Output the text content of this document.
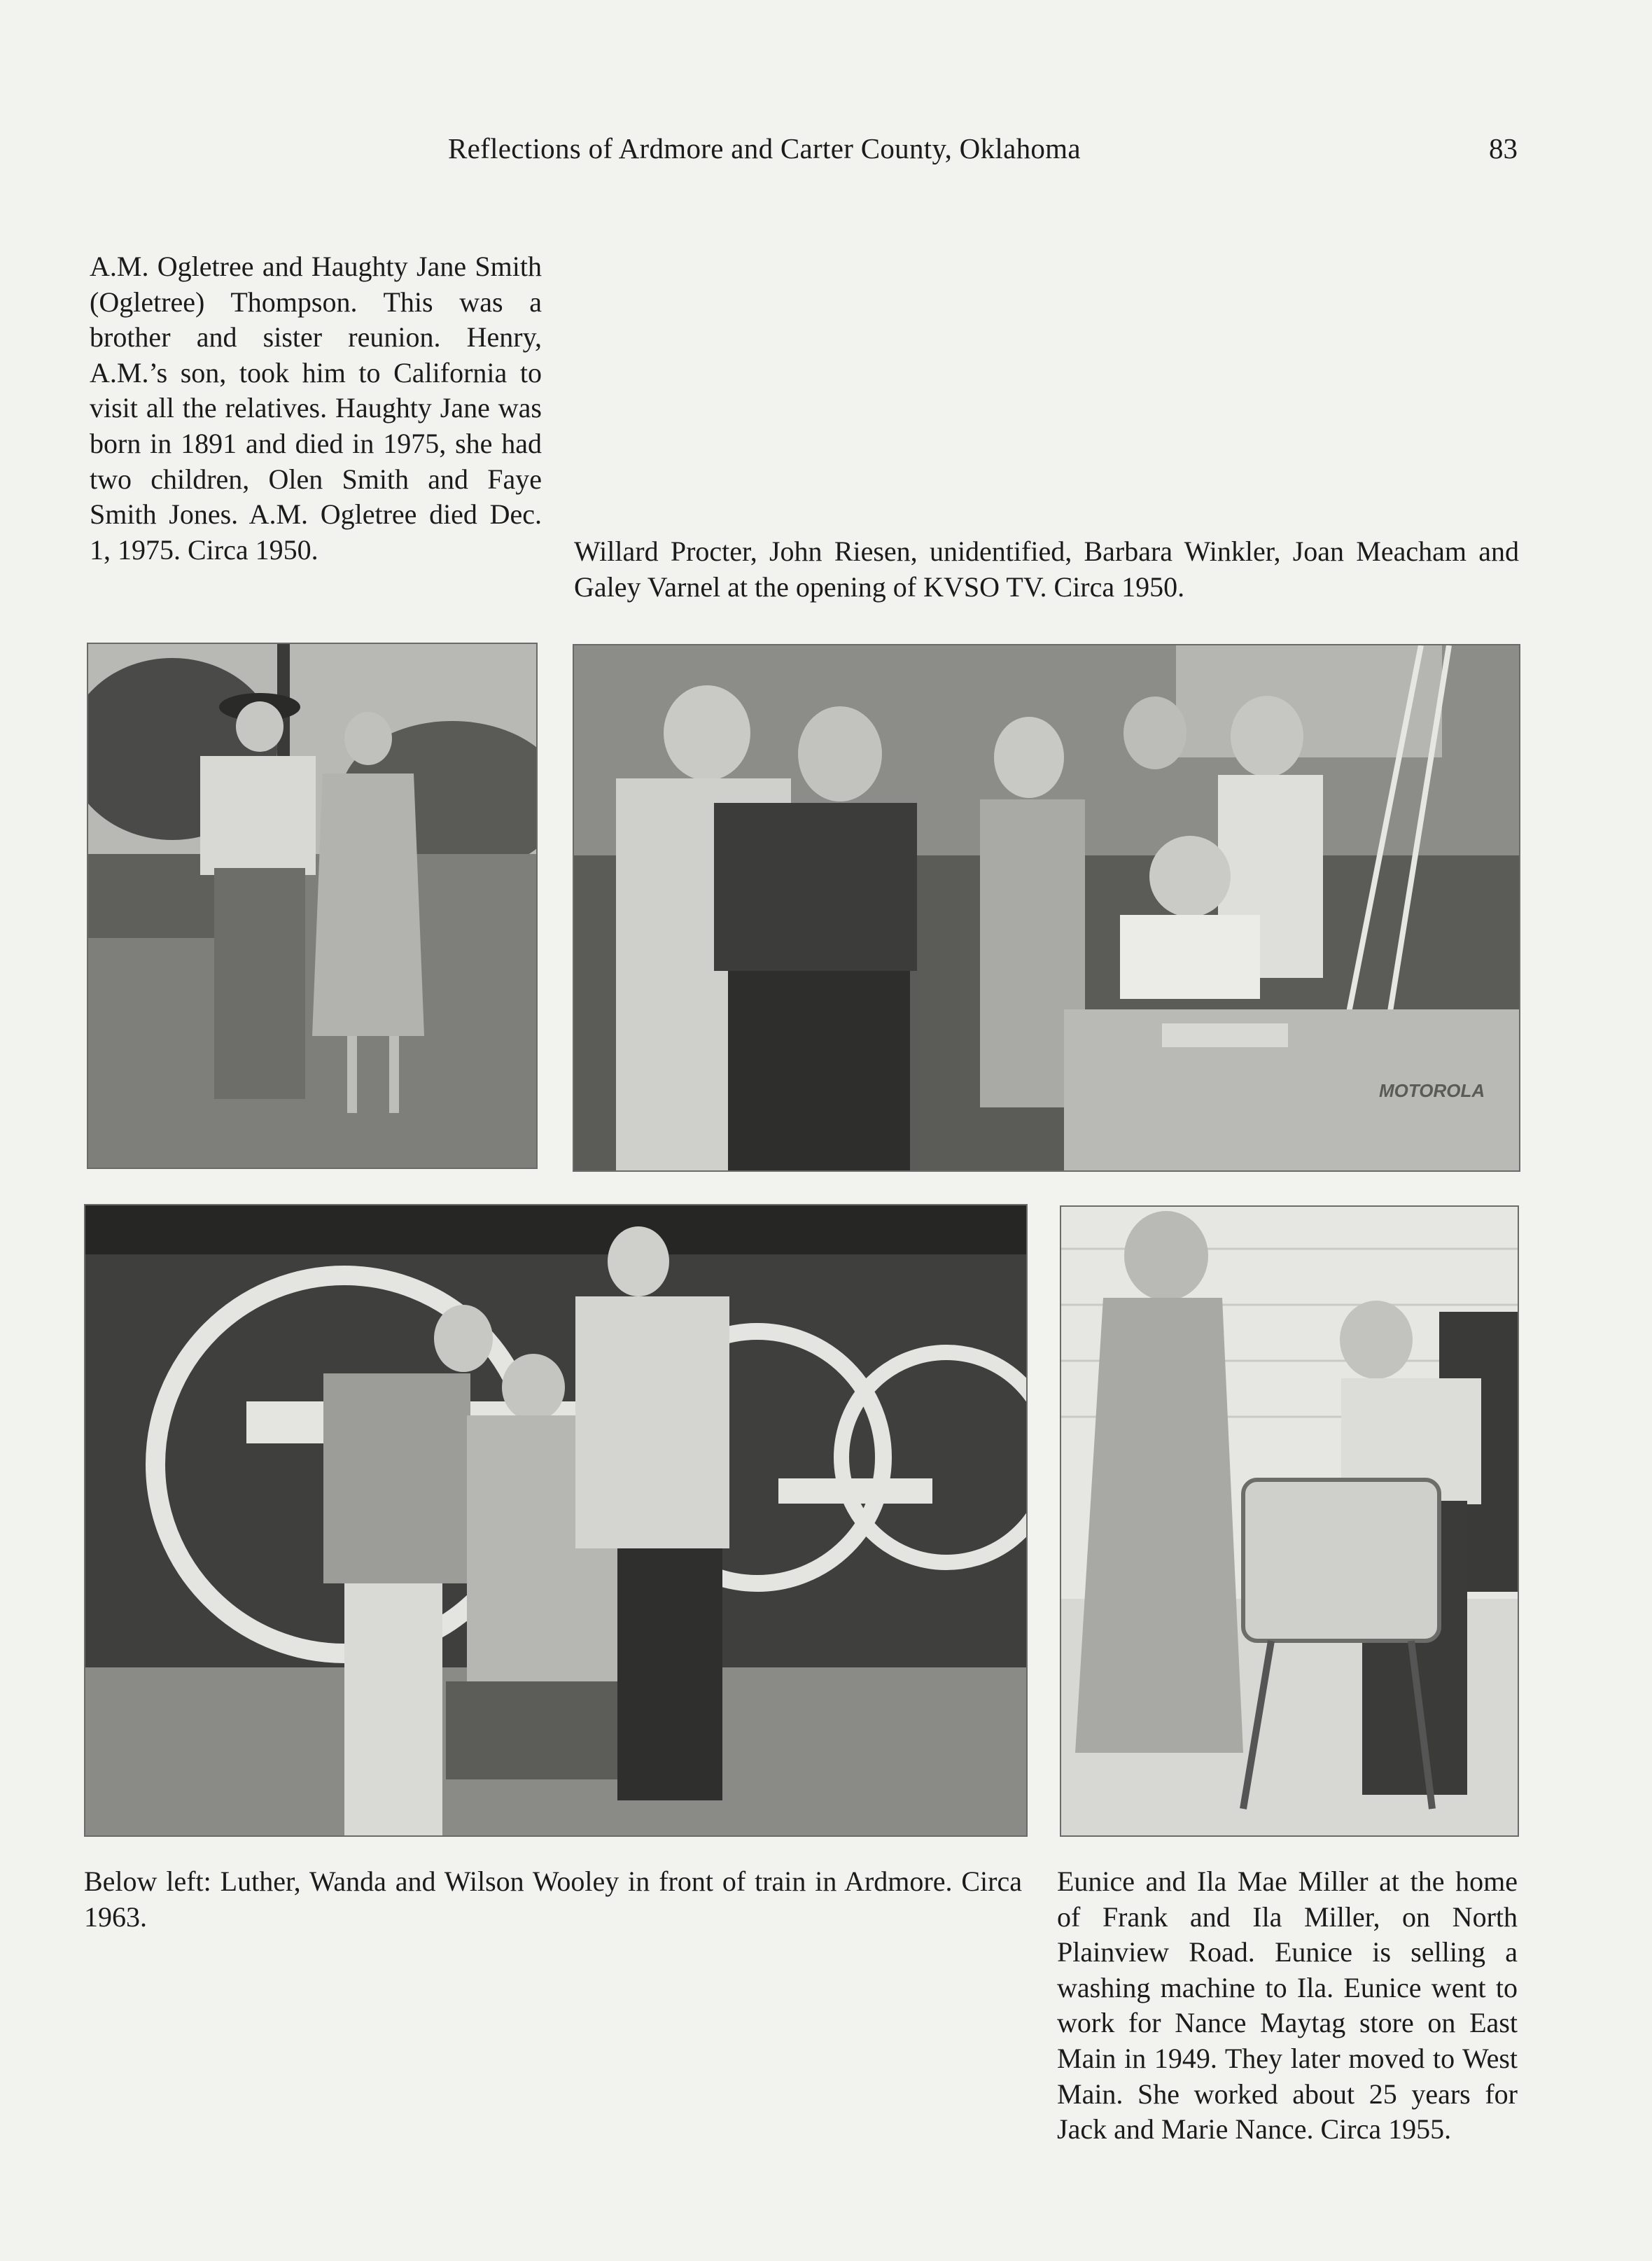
Reflections of Ardmore and Carter County, Oklahoma	83
A.M. Ogletree and Haughty Jane Smith (Ogletree) Thompson. This was a brother and sister reunion. Henry, A.M.’s son, took him to California to visit all the relatives. Haughty Jane was born in 1891 and died in 1975, she had two children, Olen Smith and Faye Smith Jones. A.M. Ogletree died Dec. 1, 1975. Circa 1950.	Willard Procter, John Riesen, unidentified, Barbara Winkler, Joan Meacham and Galey Varnel at the opening of KVSO TV. Circa 1950.
MOTOROLA
Below left: Luther, Wanda and Wilson Wooley in front of train in Ardmore. Circa 1963.
Eunice and Ila Mae Miller at the home of Frank and Ila Miller, on North Plainview Road. Eunice is selling a washing machine to Ila. Eunice went to work for Nance Maytag store on East Main in 1949. They later moved to West Main. She worked about 25 years for Jack and Marie Nance. Circa 1955.
